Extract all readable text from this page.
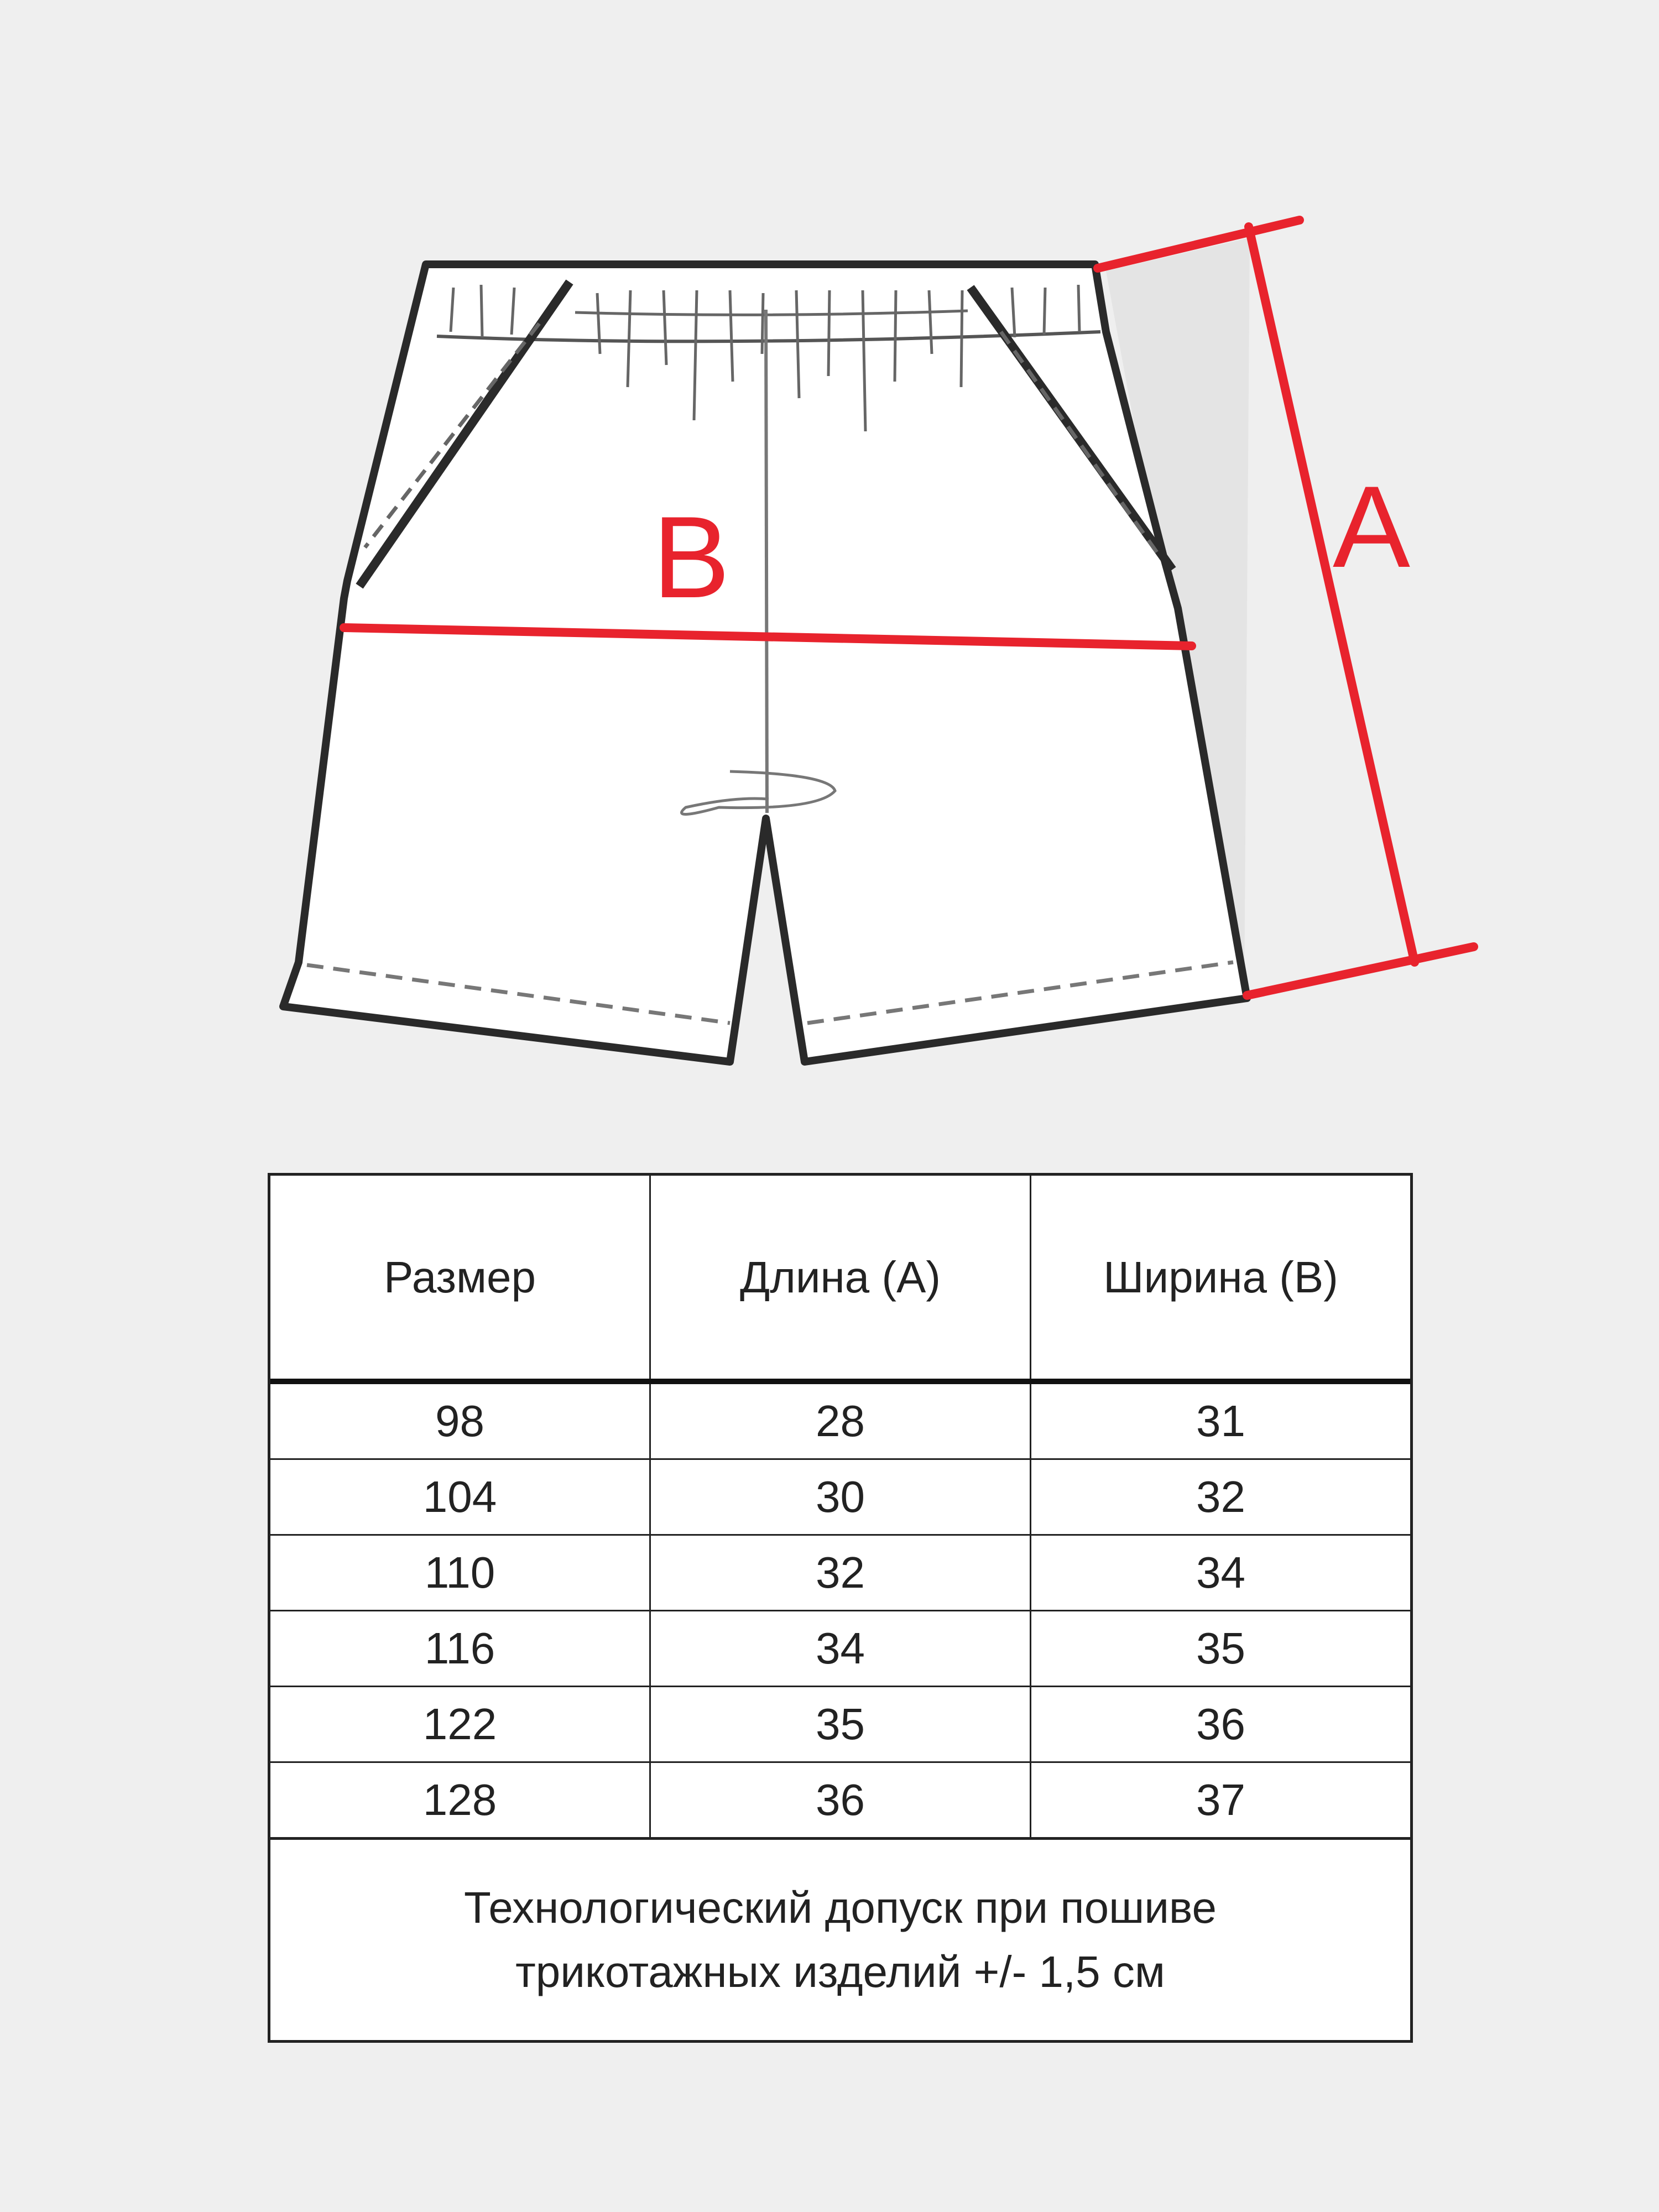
B	A
Размер	Длина (A)	Ширина (B)
98	28	31
104	30	32
110	32	34
116	34	35
122	35	36
128	36	37
Технологический допуск при пошиве
трикотажных изделий +/- 1,5 см
